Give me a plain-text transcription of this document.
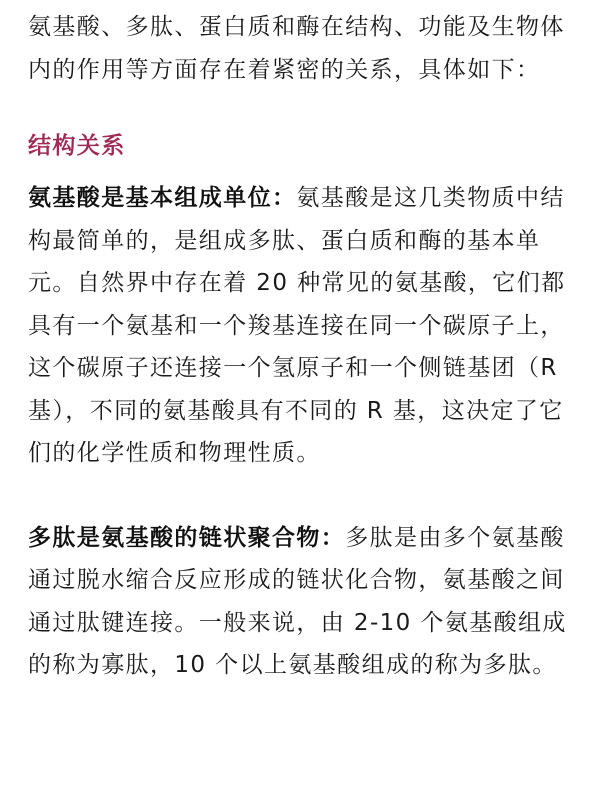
氨基酸、多肽、蛋白质和酶在结构、功能及生物体内的作用等方面存在着紧密的关系，具体如下：

结构关系

氨基酸是基本组成单位：氨基酸是这几类物质中结构最简单的，是组成多肽、蛋白质和酶的基本单元。自然界中存在着 20 种常见的氨基酸，它们都具有一个氨基和一个羧基连接在同一个碳原子上，这个碳原子还连接一个氢原子和一个侧链基团（R 基），不同的氨基酸具有不同的 R 基，这决定了它们的化学性质和物理性质。

多肽是氨基酸的链状聚合物：多肽是由多个氨基酸通过脱水缩合反应形成的链状化合物，氨基酸之间通过肽键连接。一般来说，由 2-10 个氨基酸组成的称为寡肽，10 个以上氨基酸组成的称为多肽。
